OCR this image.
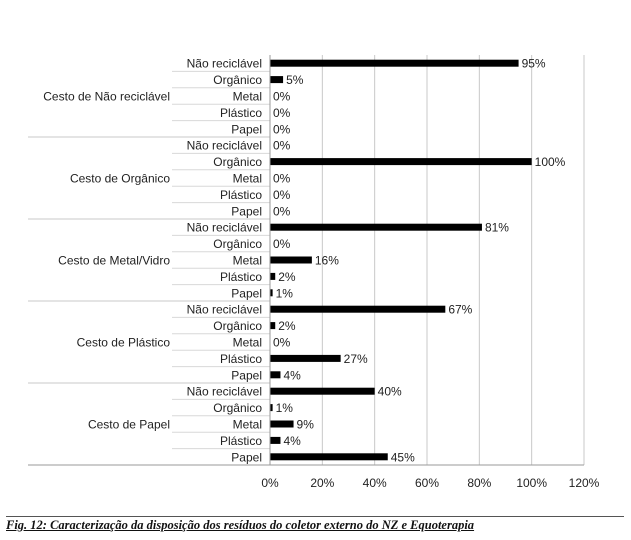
0%	20% 40% 60% 80% 100% 120%
Não reciclável	95%
Orgânico 5%
Metal 0%
Plástico 0%
Papel 0%
Não reciclável 0%
Orgânico	100%
Metal 0%
Plástico 0%
Papel 0%
Não reciclável	81%
Orgânico 0%
Metal	16%
Plástico 2%
Papel 1%
Não reciclável	67%
Orgânico 2%
Metal 0%
Plástico	27%
Papel 4%
Não reciclável	40%
Orgânico 1%
Metal	9%
Plástico 4%
Papel	45%
Cesto de Não reciclável
Cesto de Orgânico
Cesto de Metal/Vidro
Cesto de Plástico
Cesto de Papel
Fig. 12: Caracterização da disposição dos resíduos do coletor externo do NZ e Equoterapia
